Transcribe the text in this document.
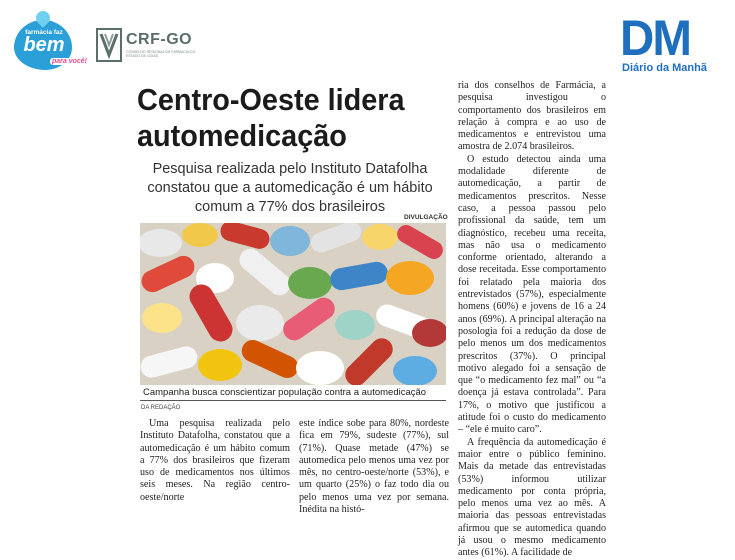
farmácia faz
bem
para você!
CRF-GO
CONSELHO REGIONAL DE FARMÁCIA DO ESTADO DE GOIÁS	DM
Diário da Manhã
Centro-Oeste lidera automedicação
Pesquisa realizada pelo Instituto Datafolha constatou que a automedicação é um hábito comum a 77% dos brasileiros
DIVULGAÇÃO
Campanha busca conscientizar população contra a automedicação
DA REDAÇÃO

Uma pesquisa realizada pelo Instituto Datafolha, constatou que a automedicação é um hábito comum a 77% dos brasileiros que fizeram uso de medicamentos nos últimos seis meses. Na região centro-oeste/norte

este índice sobe para 80%, nordeste fica em 79%, sudeste (77%), sul (71%). Quase metade (47%) se automedica pelo menos uma vez por mês, no centro-oeste/norte (53%), e um quarto (25%) o faz todo dia ou pelo menos uma vez por semana. Inédita na histó-

ria dos conselhos de Farmácia, a pesquisa investigou o comportamento dos brasileiros em relação à compra e ao uso de medicamentos e entrevistou uma amostra de 2.074 brasileiros.

O estudo detectou ainda uma modalidade diferente de automedicação, a partir de medicamentos prescritos. Nesse caso, a pessoa passou pelo profissional da saúde, tem um diagnóstico, recebeu uma receita, mas não usa o medicamento conforme orientado, alterando a dose receitada. Esse comportamento foi relatado pela maioria dos entrevistados (57%), especialmente homens (60%) e jovens de 16 a 24 anos (69%). A principal alteração na posologia foi a redução da dose de pelo menos um dos medicamentos prescritos (37%). O principal motivo alegado foi a sensação de que “o medicamento fez mal” ou “a doença já estava controlada”. Para 17%, o motivo que justificou a atitude foi o custo do medicamento – “ele é muito caro”.

A frequência da automedicação é maior entre o público feminino. Mais da metade das entrevistadas (53%) informou utilizar medicamento por conta própria, pelo menos uma vez ao mês. A maioria das pessoas entrevistadas afirmou que se automedica quando já usou o mesmo medicamento antes (61%). A facilidade de
